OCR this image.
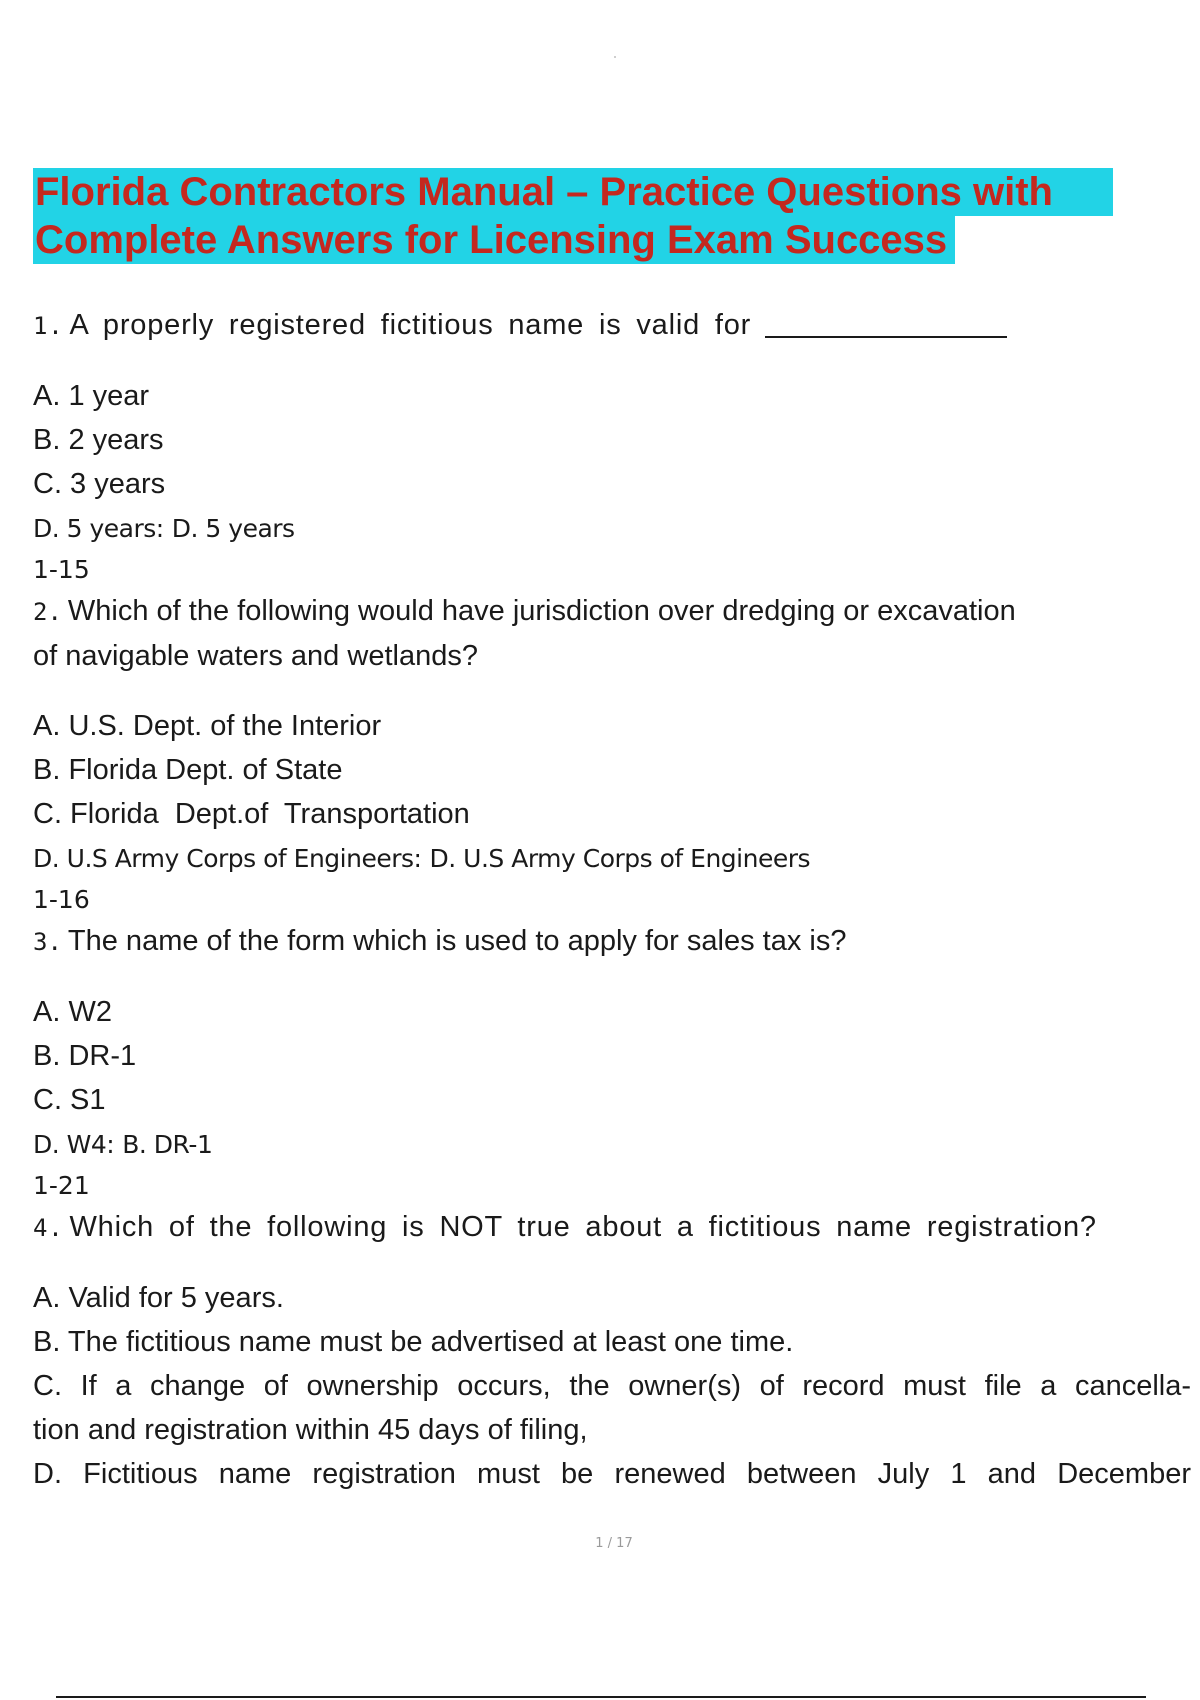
Florida Contractors Manual – Practice Questions with
Complete Answers for Licensing Exam Success
1. A properly registered fictitious name is valid for
A. 1 year
B. 2 years
C. 3 years
D. 5 years: D. 5 years
1-15
2. Which of the following would have jurisdiction over dredging or excavation
of navigable waters and wetlands?
A. U.S. Dept. of the Interior
B. Florida Dept. of State
C. Florida  Dept.of  Transportation
D. U.S Army Corps of Engineers: D. U.S Army Corps of Engineers
1-16
3. The name of the form which is used to apply for sales tax is?
A. W2
B. DR-1
C. S1
D. W4: B. DR-1
1-21
4. Which of the following is NOT true about a fictitious name registration?
A. Valid for 5 years.
B. The fictitious name must be advertised at least one time.
C. If a change of ownership occurs, the owner(s) of record must file a cancella-
tion and registration within 45 days of filing,
D. Fictitious name registration must be renewed between July 1 and December
1 / 17
